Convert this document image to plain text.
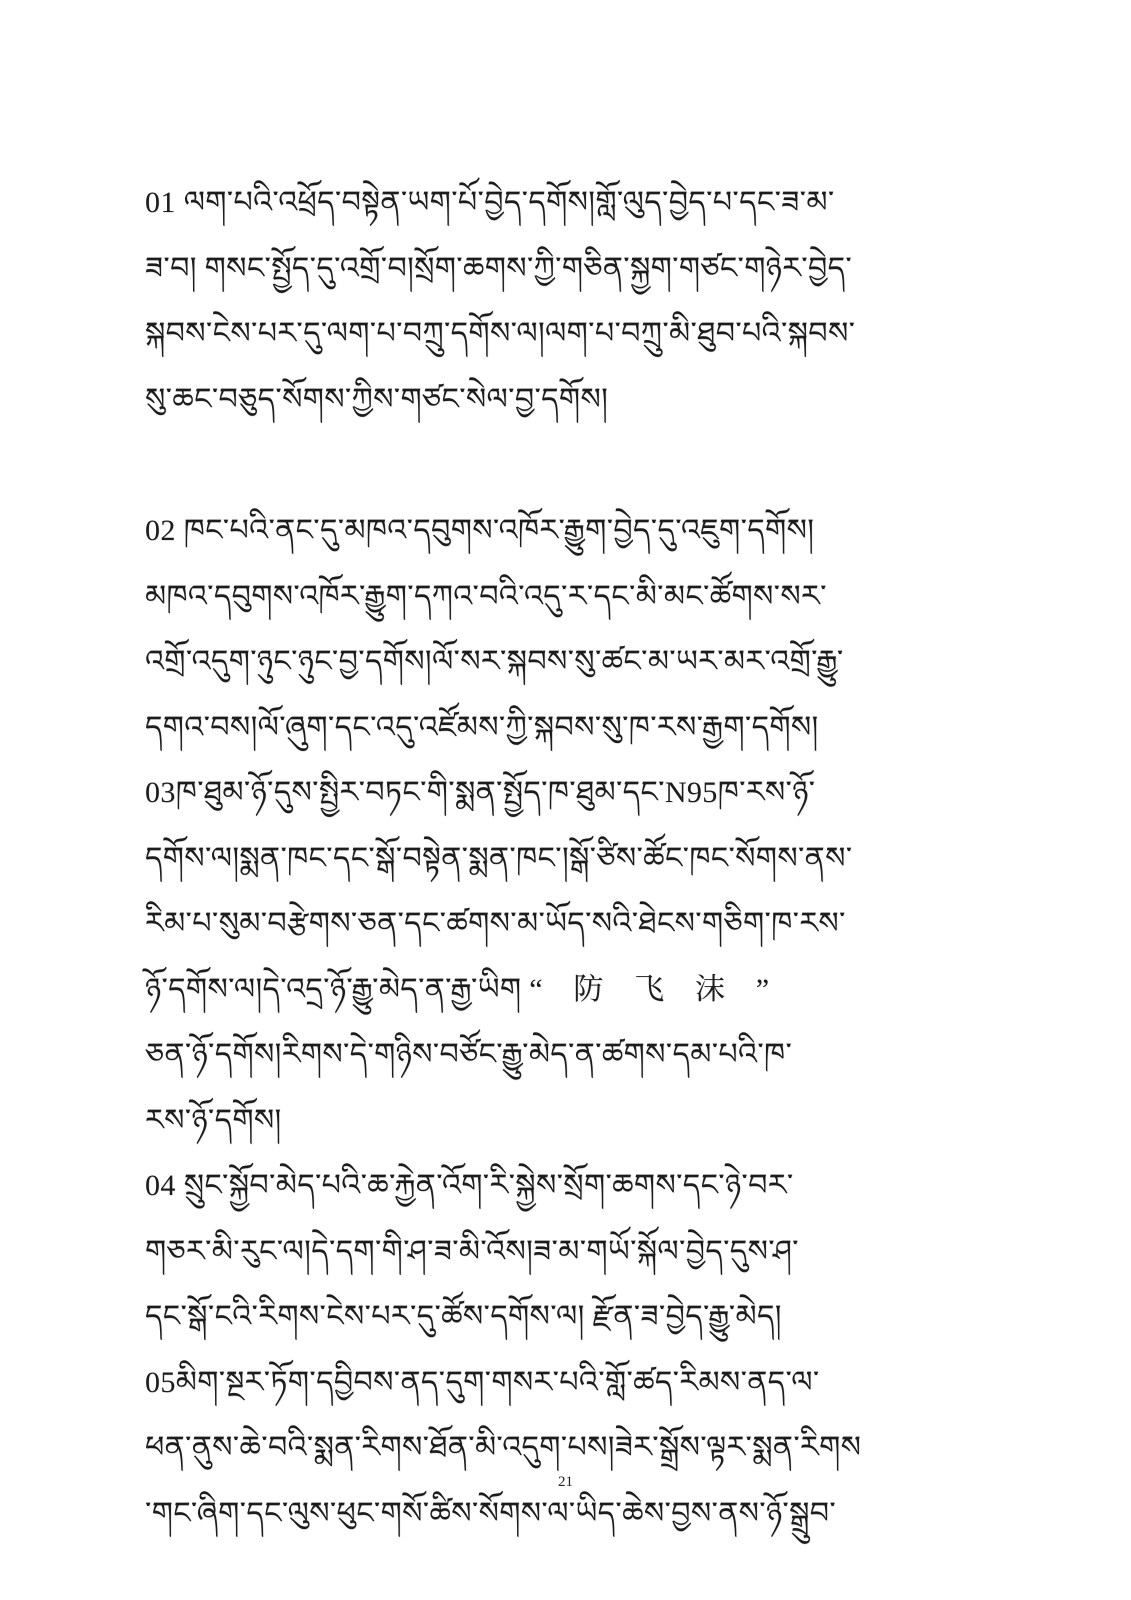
01 ལག་པའི་འཕྲོད་བསྟེན་ཡག་པོ་བྱེད་དགོས།གློ་ལུད་བྱེད་པ་དང་ཟ་མ་
ཟ་བ། གསང་སྤྱོད་དུ་འགྲོ་བ།སྲོག་ཆགས་ཀྱི་གཅིན་སྐྱག་གཙང་གཉེར་བྱེད་
སྐབས་ངེས་པར་དུ་ལག་པ་བཀྲུ་དགོས་ལ།ལག་པ་བཀྲུ་མི་ཐུབ་པའི་སྐབས་
སུ་ཆང་བཅུད་སོགས་ཀྱིས་གཙང་སེལ་བྱ་དགོས།
02 ཁང་པའི་ནང་དུ་མཁའ་དབུགས་འཁོར་རྒྱུག་བྱེད་དུ་འཇུག་དགོས།
མཁའ་དབུགས་འཁོར་རྒྱུག་དཀའ་བའི་འདུ་ར་དང་མི་མང་ཚོགས་སར་
འགྲོ་འདུག་ཉུང་ཉུང་བྱ་དགོས།ལོ་སར་སྐབས་སུ་ཚང་མ་ཡར་མར་འགྲོ་རྒྱུ་
དགའ་བས།ལོ་ཞུག་དང་འདུ་འཛོམས་ཀྱི་སྐབས་སུ་ཁ་རས་རྒྱག་དགོས།
03ཁ་ཐུམ་ཉོ་དུས་སྤྱིར་བཏང་གི་སྨན་སྤྱོད་ཁ་ཐུམ་དང་N95ཁ་རས་ཉོ་
དགོས་ལ།སྨན་ཁང་དང་སྒོ་བསྟེན་སྨན་ཁང་།སྒོ་ཙིས་ཚོང་ཁང་སོགས་ནས་
རིམ་པ་སུམ་བརྩེགས་ཅན་དང་ཚགས་མ་ཡོད་སའི་ཐེངས་གཅིག་ཁ་རས་
ཉོ་དགོས་ལ།དེ་འདྲ་ཉོ་རྒྱུ་མེད་ན་རྒྱ་ཡིག “　防　飞　沫　”
ཅན་ཉོ་དགོས།རིགས་དེ་གཉིས་བཙོང་རྒྱུ་མེད་ན་ཚགས་དམ་པའི་ཁ་
རས་ཉོ་དགོས།
04 སྲུང་སྐྱོབ་མེད་པའི་ཆ་རྐྱེན་འོག་རི་སྐྱེས་སྲོག་ཆགས་དང་ཉེ་བར་
གཅར་མི་རུང་ལ།དེ་དག་གི་ཤ་ཟ་མི་འོས།ཟ་མ་གཡོ་སྐོལ་བྱེད་དུས་ཤ་
དང་སྒོ་ངའི་རིགས་ངེས་པར་དུ་ཚོས་དགོས་ལ། རྫོན་ཟ་བྱེད་རྒྱུ་མེད།
05མིག་སྔར་ཏོག་དབྱིབས་ནད་དུག་གསར་པའི་གློ་ཚད་རིམས་ནད་ལ་
ཕན་ནུས་ཆེ་བའི་སྨན་རིགས་ཐོན་མི་འདུག་པས།ཟེར་སྒྲོས་ལྟར་སྨན་རིགས
་གང་ཞིག་དང་ལུས་ཕུང་གསོ་ཚིས་སོགས་ལ་ཡིད་ཆེས་བྱས་ནས་ཉོ་སྒྲུབ་
21
